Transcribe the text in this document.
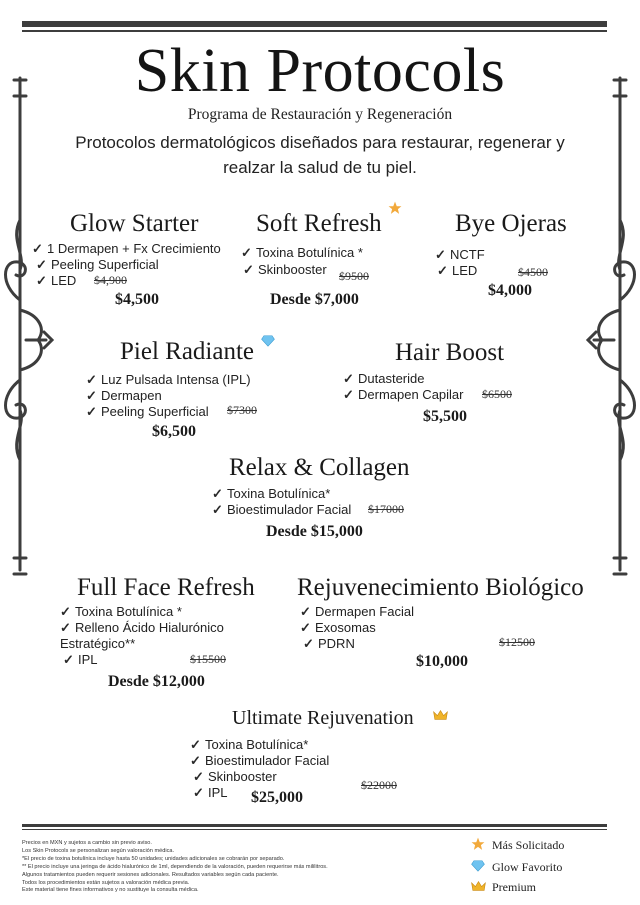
Skin Protocols
Programa de Restauración y Regeneración
Protocolos dermatológicos diseñados para restaurar, regenerar y realzar la salud de tu piel.
Glow Starter
✓ 1 Dermapen + Fx Crecimiento
✓ Peeling Superficial
✓ LED $4,900
$4,500
Soft Refresh
✓ Toxina Botulínica *
✓ Skinbooster $9500
Desde $7,000
Bye Ojeras
✓ NCTF
✓ LED	$4500
$4,000
Piel Radiante
✓ Luz Pulsada Intensa (IPL)
✓ Dermapen
✓ Peeling Superficial $7300
$6,500
Hair Boost
✓ Dutasteride
✓ Dermapen Capilar $6500
$5,500
Relax & Collagen
✓ Toxina Botulínica*
✓ Bioestimulador Facial $17000
Desde $15,000
Full Face Refresh
✓ Toxina Botulínica *
✓ Relleno Ácido Hialurónico
Estratégico**
✓ IPL	$15500
Desde $12,000
Rejuvenecimiento Biológico
✓ Dermapen Facial
✓ Exosomas
✓ PDRN	$12500
$10,000
Ultimate Rejuvenation
✓ Toxina Botulínica*
✓ Bioestimulador Facial
✓ Skinbooster
✓ IPL	$22000
$25,000
Precios en MXN y sujetos a cambio sin previo aviso.
Los Skin Protocols se personalizan según valoración médica.
*El precio de toxina botulínica incluye hasta 50 unidades; unidades adicionales se cobrarán por separado.
** El precio incluye una jeringa de ácido hialurónico de 1ml, dependiendo de la valoración, pueden requerirse más mililitros.
Algunos tratamientos pueden requerir sesiones adicionales. Resultados variables según cada paciente.
Todos los procedimientos están sujetos a valoración médica previa.
Este material tiene fines informativos y no sustituye la consulta médica.
Más Solicitado
Glow Favorito
Premium
